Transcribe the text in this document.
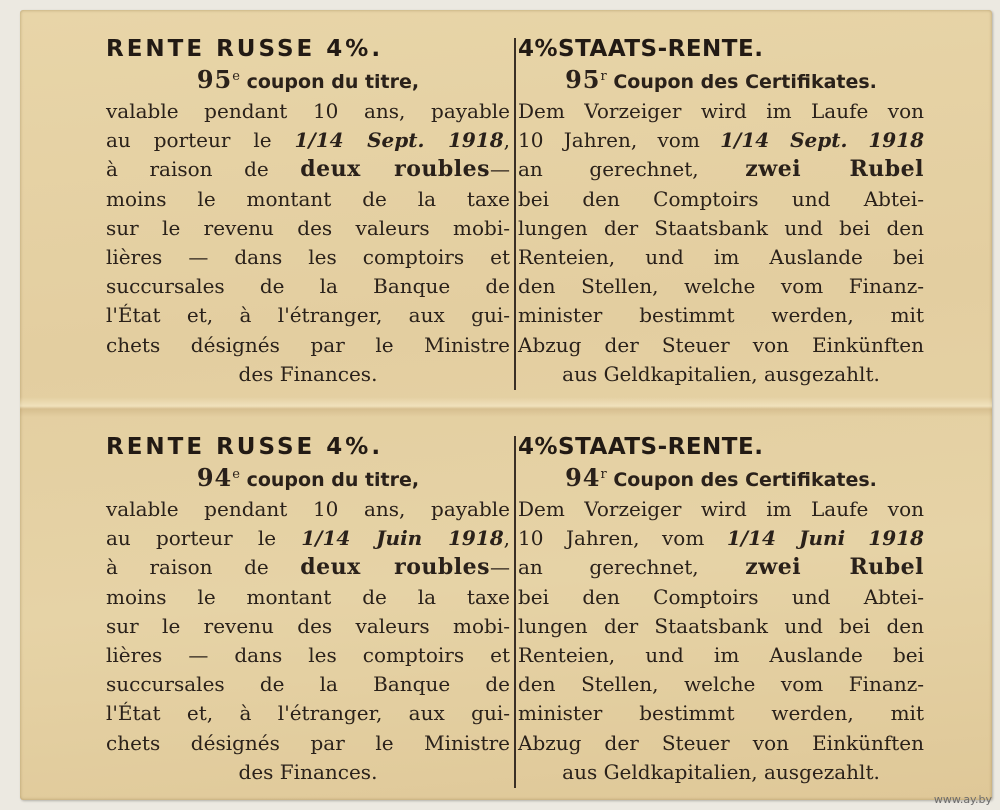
RENTE RUSSE 4%.
95e coupon du titre,
valable pendant 10 ans, payable
au porteur le 1/14 Sept. 1918,
à raison de deux roubles—
moins le montant de la taxe
sur le revenu des valeurs mobi-
lières — dans les comptoirs et
succursales de la Banque de
l'État et, à l'étranger, aux gui-
chets désignés par le Ministre
des Finances.
4%STAATS-RENTE.
95$^r$ Coupon des Certifikates.
Dem Vorzeiger wird im Laufe von
10 Jahren, vom 1/14 Sept. 1918
an gerechnet, zwei Rubel
bei den Comptoirs und Abtei-
lungen der Staatsbank und bei den
Renteien, und im Auslande bei
den Stellen, welche vom Finanz-
minister bestimmt werden, mit
Abzug der Steuer von Einkünften
aus Geldkapitalien, ausgezahlt.
RENTE RUSSE 4%.
94e coupon du titre,
valable pendant 10 ans, payable
au porteur le 1/14 Juin 1918,
à raison de deux roubles—
moins le montant de la taxe
sur le revenu des valeurs mobi-
lières — dans les comptoirs et
succursales de la Banque de
l'État et, à l'étranger, aux gui-
chets désignés par le Ministre
des Finances.
4%STAATS-RENTE.
94$^r$ Coupon des Certifikates.
Dem Vorzeiger wird im Laufe von
10 Jahren, vom 1/14 Juni 1918
an gerechnet, zwei Rubel
bei den Comptoirs und Abtei-
lungen der Staatsbank und bei den
Renteien, und im Auslande bei
den Stellen, welche vom Finanz-
minister bestimmt werden, mit
Abzug der Steuer von Einkünften
aus Geldkapitalien, ausgezahlt.
www.ay.by
